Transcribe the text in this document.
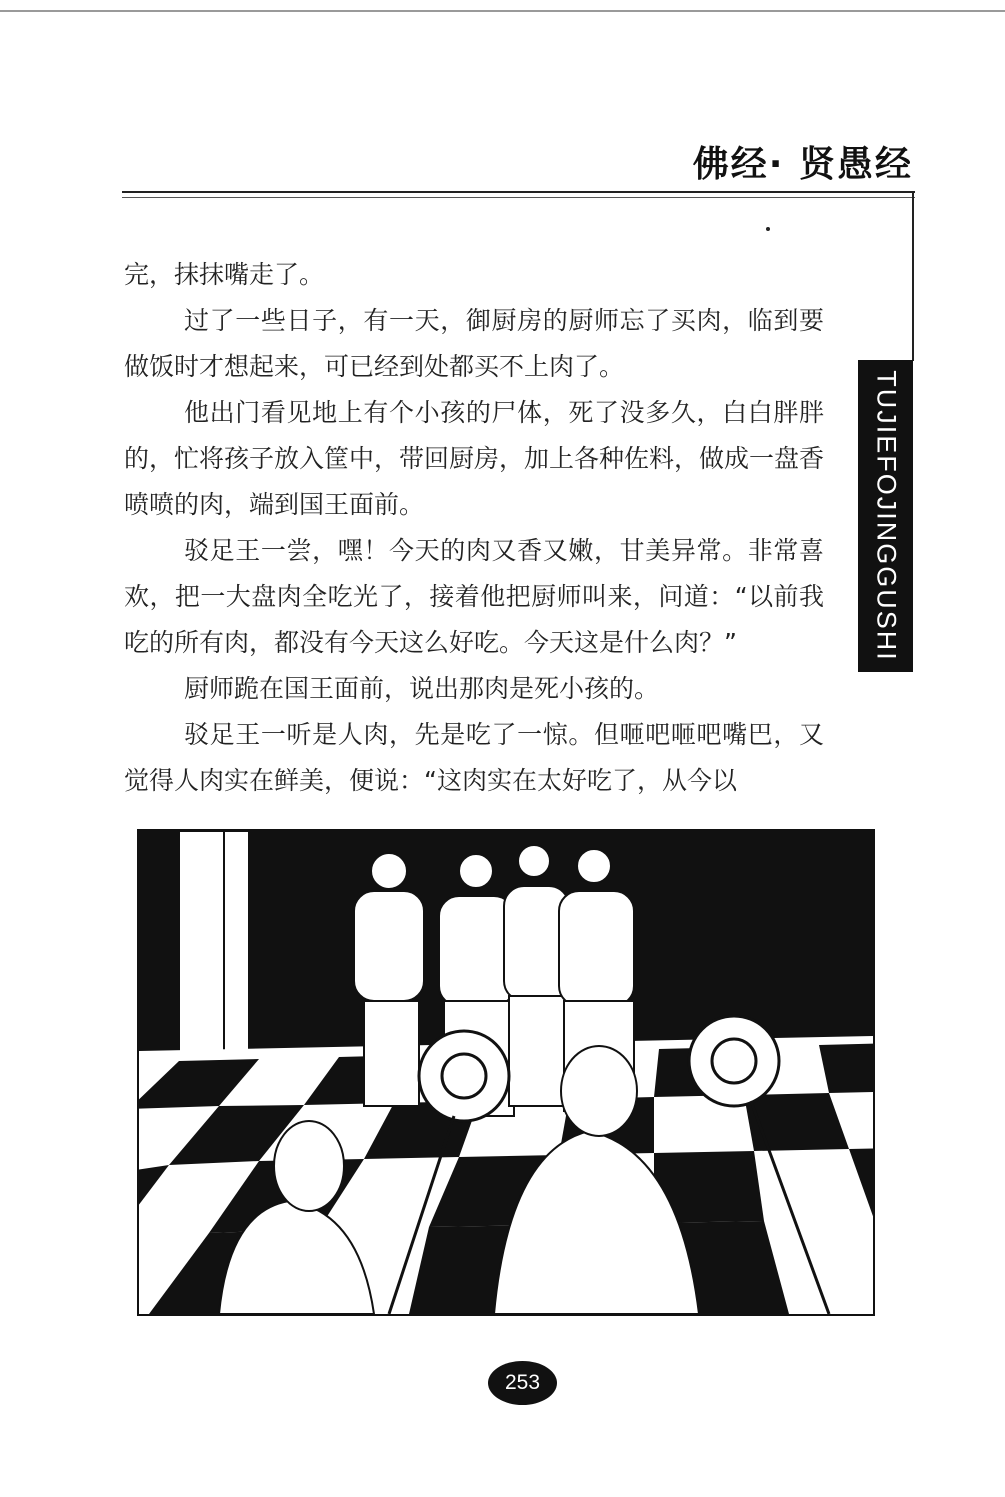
佛经· 贤愚经
TUJIEFOJINGGUSHI

完，抹抹嘴走了。

过了一些日子，有一天，御厨房的厨师忘了买肉，临到要做饭时才想起来，可已经到处都买不上肉了。

他出门看见地上有个小孩的尸体，死了没多久，白白胖胖的，忙将孩子放入筐中，带回厨房，加上各种佐料，做成一盘香喷喷的肉，端到国王面前。

驳足王一尝，嘿！今天的肉又香又嫩，甘美异常。非常喜欢，把一大盘肉全吃光了，接着他把厨师叫来，问道：“以前我吃的所有肉，都没有今天这么好吃。今天这是什么肉？”

厨师跪在国王面前，说出那肉是死小孩的。

驳足王一听是人肉，先是吃了一惊。但咂吧咂吧嘴巴，又觉得人肉实在鲜美，便说：“这肉实在太好吃了，从今以

253
